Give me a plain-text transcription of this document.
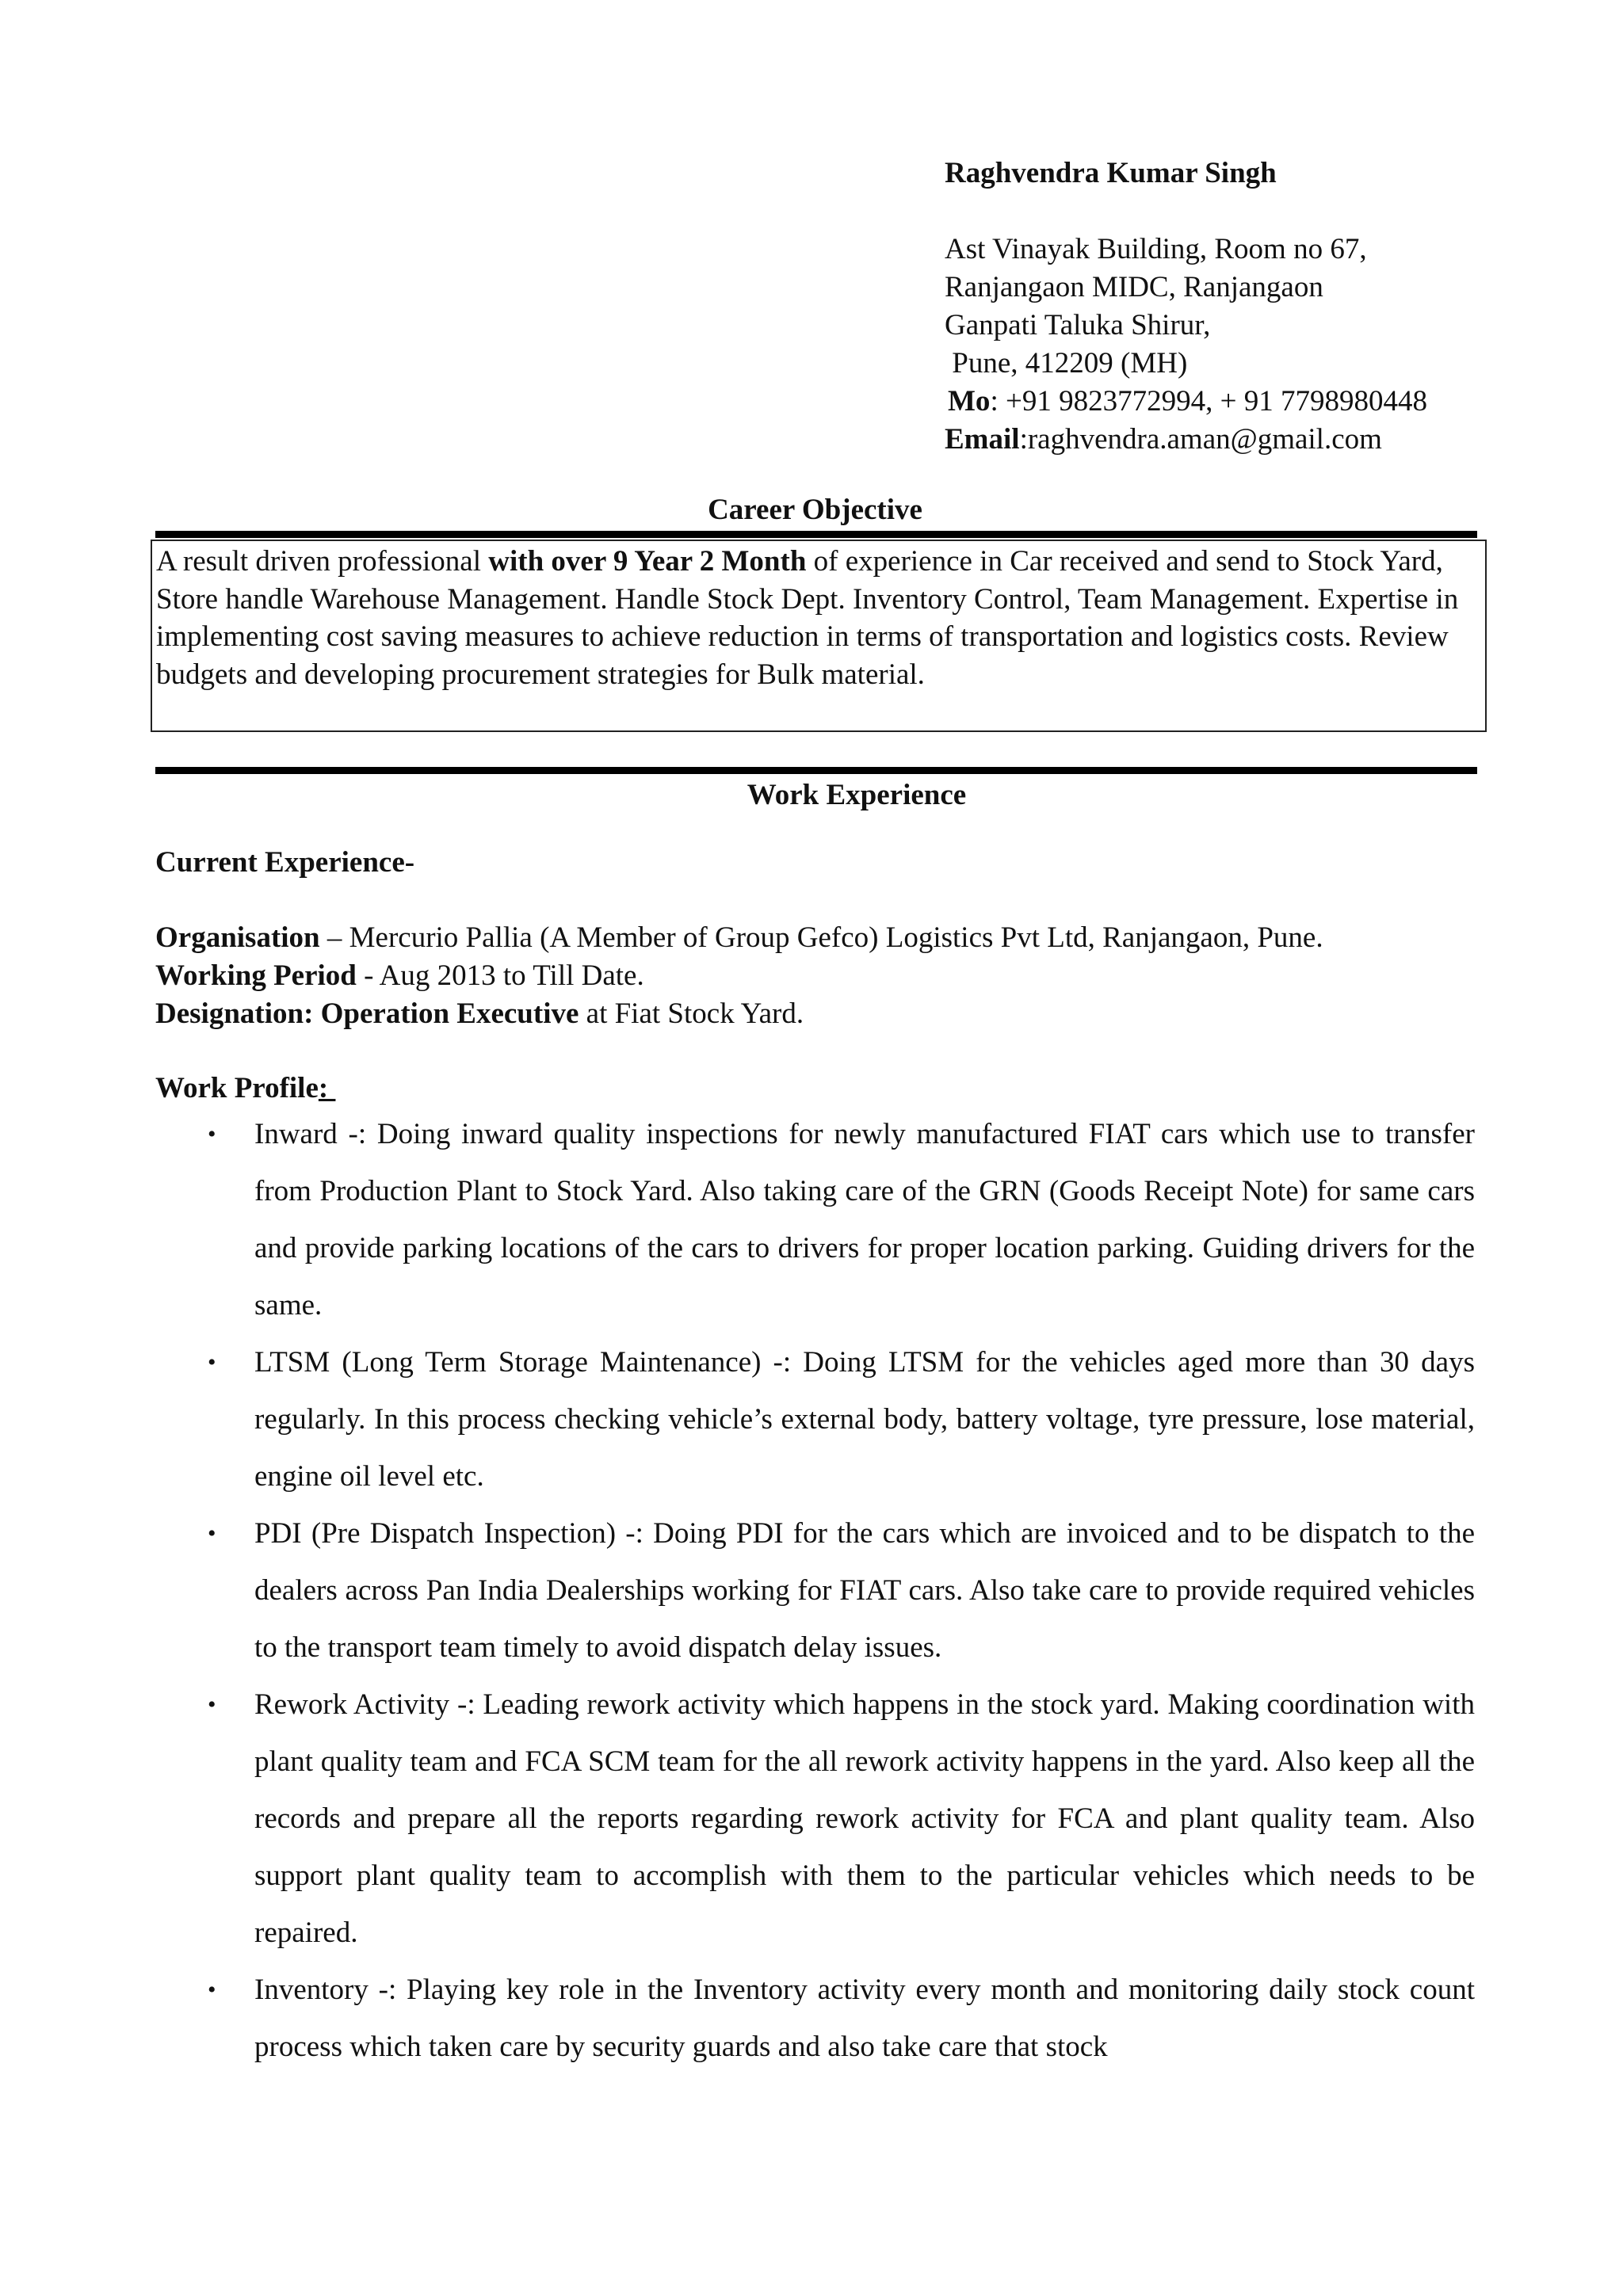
Raghvendra Kumar Singh
Ast Vinayak Building, Room no 67,
Ranjangaon MIDC, Ranjangaon
Ganpati Taluka Shirur,
Pune, 412209 (MH)
Mo: +91 9823772994, + 91 7798980448
Email:raghvendra.aman@gmail.com
Career Objective
A result driven professional with over 9 Year 2 Month of experience in Car received and send to Stock Yard, Store handle Warehouse Management. Handle Stock Dept. Inventory Control, Team Management. Expertise in implementing cost saving measures to achieve reduction in terms of transportation and logistics costs. Review budgets and developing procurement strategies for Bulk material.
Work Experience
Current Experience-
Organisation – Mercurio Pallia (A Member of Group Gefco) Logistics Pvt Ltd, Ranjangaon, Pune.
Working Period - Aug 2013 to Till Date.
Designation: Operation Executive at Fiat Stock Yard.
Work Profile:
• Inward -: Doing inward quality inspections for newly manufactured FIAT cars which use to transfer from Production Plant to Stock Yard. Also taking care of the GRN (Goods Receipt Note) for same cars and provide parking locations of the cars to drivers for proper location parking. Guiding drivers for the same.
• LTSM (Long Term Storage Maintenance) -: Doing LTSM for the vehicles aged more than 30 days regularly. In this process checking vehicle’s external body, battery voltage, tyre pressure, lose material, engine oil level etc.
• PDI (Pre Dispatch Inspection) -: Doing PDI for the cars which are invoiced and to be dispatch to the dealers across Pan India Dealerships working for FIAT cars. Also take care to provide required vehicles to the transport team timely to avoid dispatch delay issues.
• Rework Activity -: Leading rework activity which happens in the stock yard. Making coordination with plant quality team and FCA SCM team for the all rework activity happens in the yard. Also keep all the records and prepare all the reports regarding rework activity for FCA and plant quality team. Also support plant quality team to accomplish with them to the particular vehicles which needs to be repaired.
• Inventory -: Playing key role in the Inventory activity every month and monitoring daily stock count process which taken care by security guards and also take care that stock
